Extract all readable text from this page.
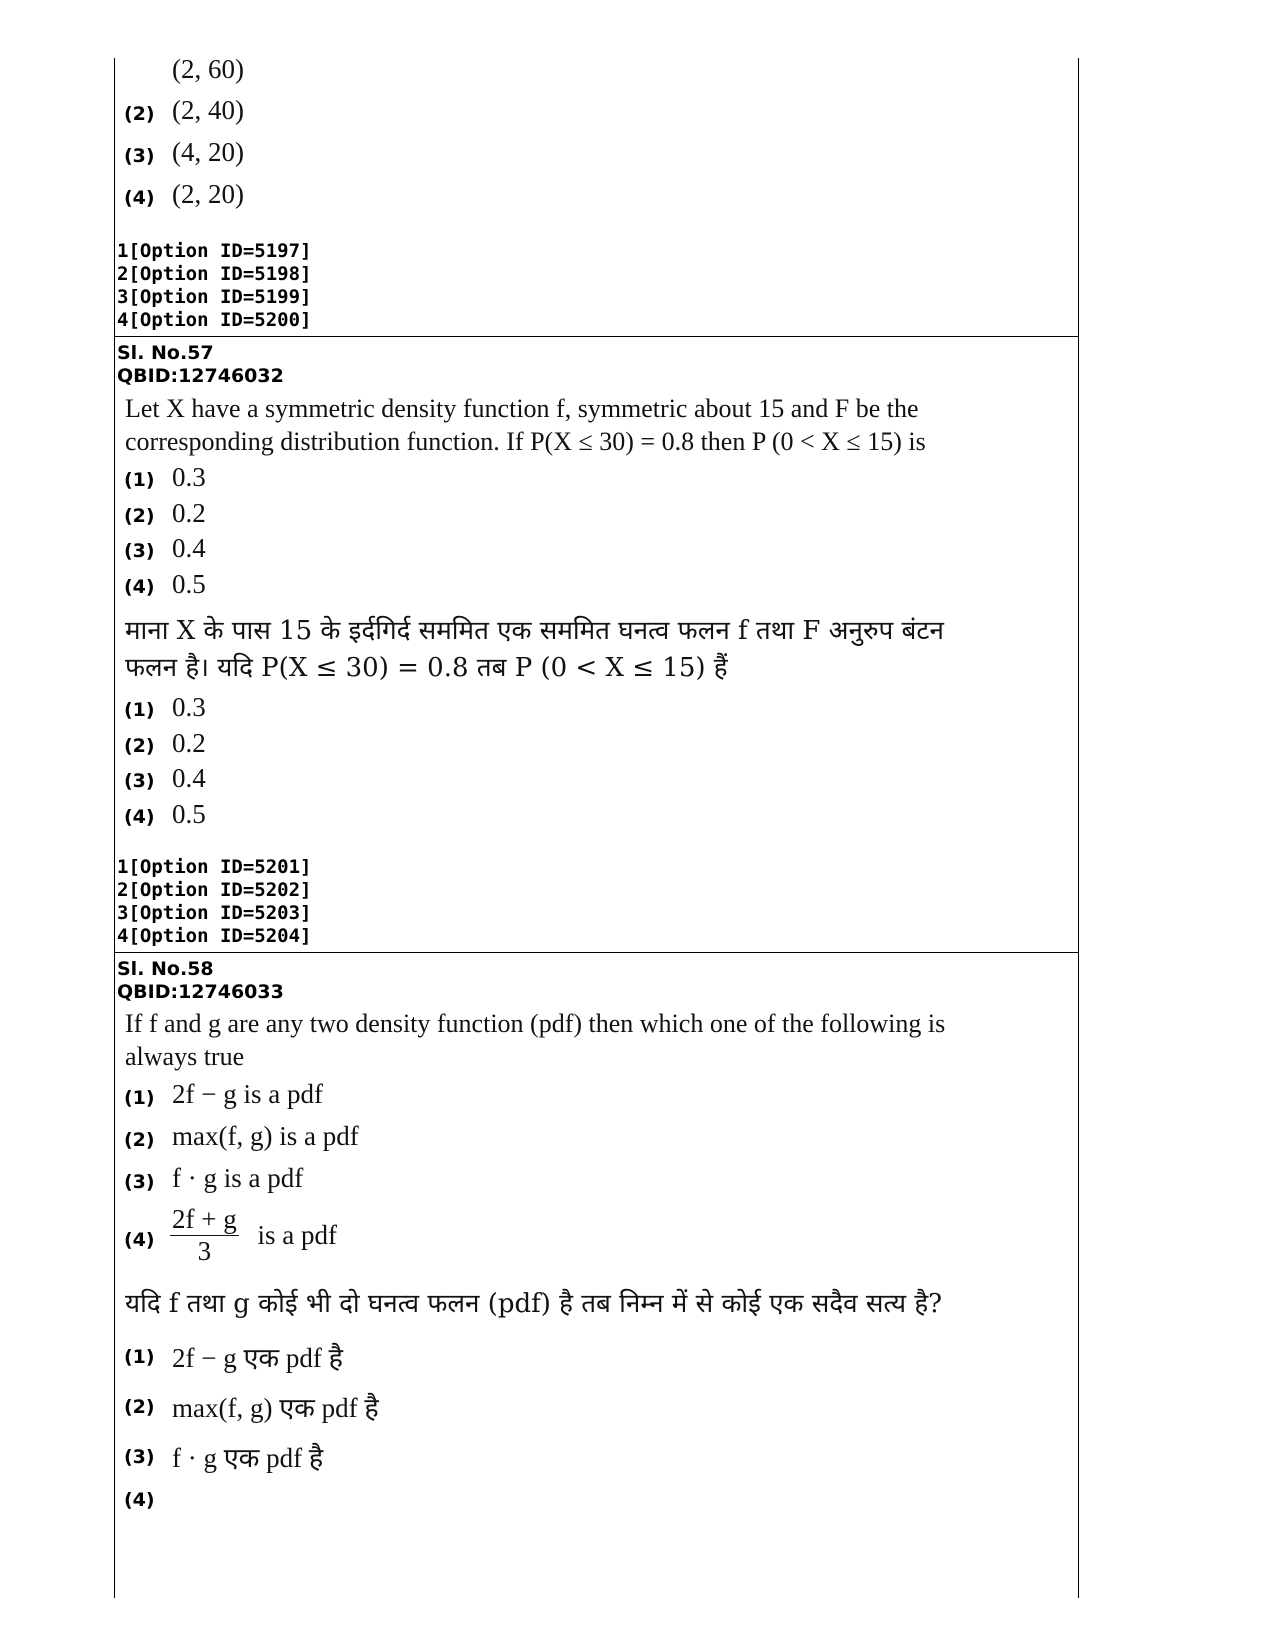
(2, 60)
(2) (2, 40)
(3) (4, 20)
(4) (2, 20)
1[Option ID=5197]
2[Option ID=5198]
3[Option ID=5199]
4[Option ID=5200]
Sl. No.57
QBID:12746032
Let X have a symmetric density function f, symmetric about 15 and F be the
corresponding distribution function. If P(X ≤ 30) = 0.8 then P (0 < X ≤ 15) is
(1) 0.3
(2) 0.2
(3) 0.4
(4) 0.5
माना X के पास 15 के इर्दगिर्द सममित एक सममित घनत्व फलन f तथा F अनुरुप बंटन
फलन है। यदि P(X ≤ 30) = 0.8 तब P (0 < X ≤ 15) हैं
(1) 0.3
(2) 0.2
(3) 0.4
(4) 0.5
1[Option ID=5201]
2[Option ID=5202]
3[Option ID=5203]
4[Option ID=5204]
Sl. No.58
QBID:12746033
If f and g are any two density function (pdf) then which one of the following is
always true
(1) 2f − g is a pdf
(2) max(f, g) is a pdf
(3) f · g is a pdf
$(4) \frac{2f + g}{3}$ is a pdf
यदि f तथा g कोई भी दो घनत्व फलन (pdf) है तब निम्न में से कोई एक सदैव सत्य है?
(1) 2f − g एक pdf है
(2) max(f, g) एक pdf है
(3) f · g एक pdf है
(4)
